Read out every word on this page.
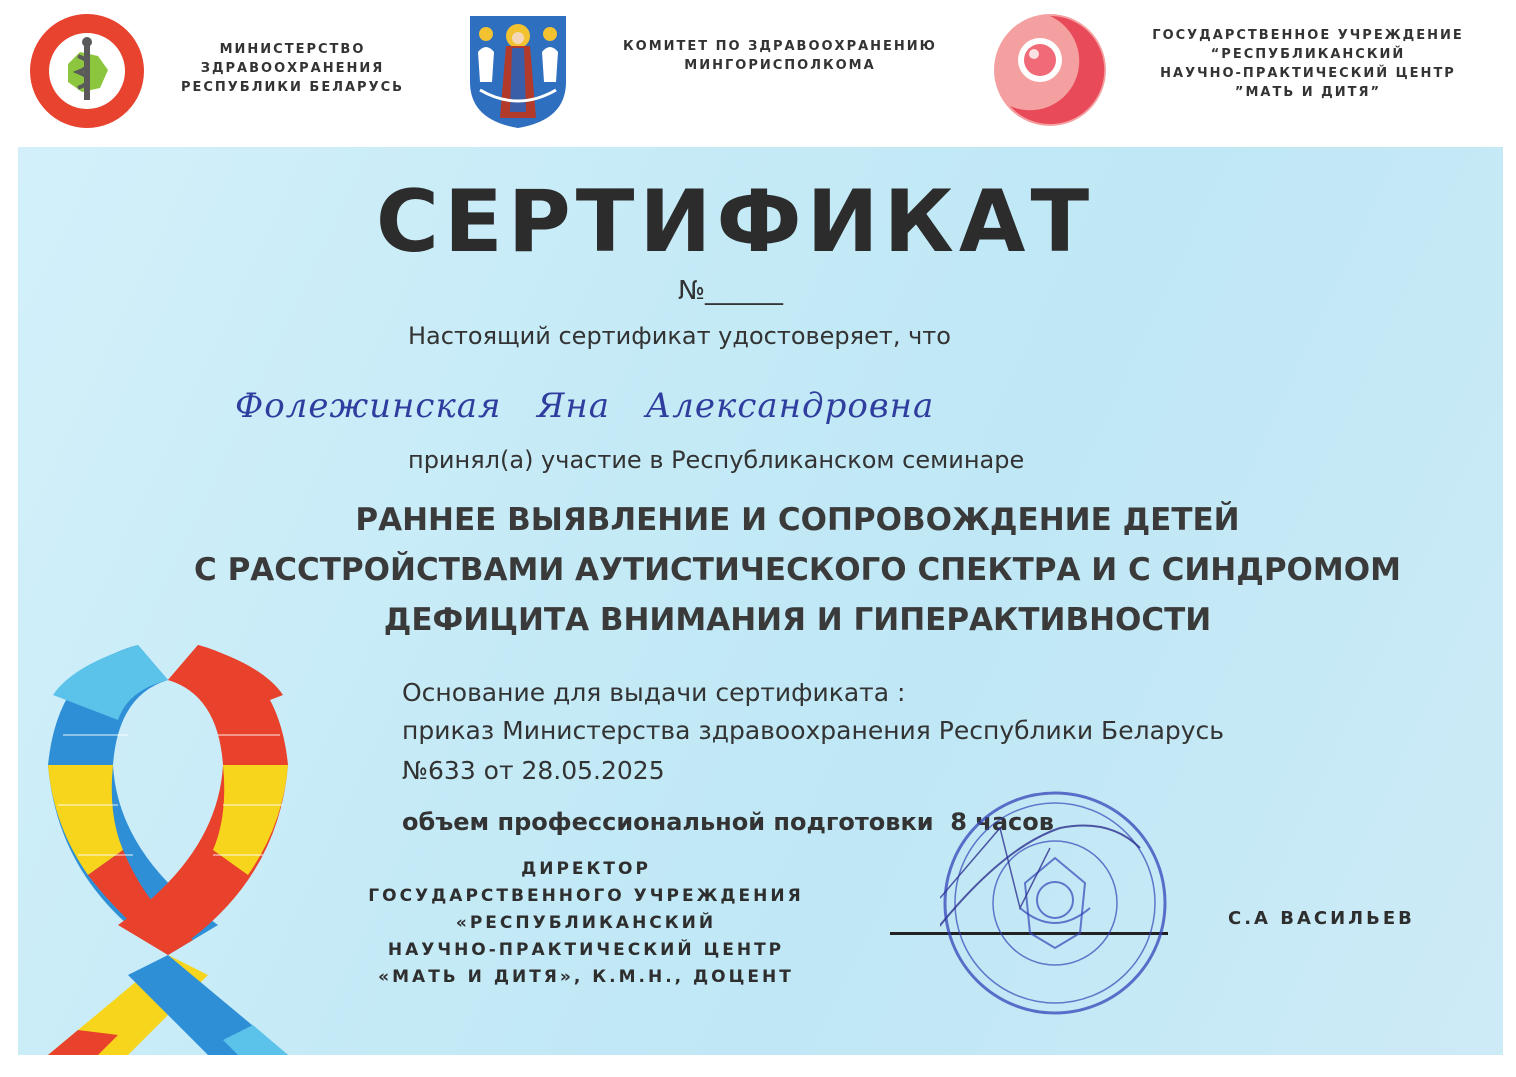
МИНИСТЕРСТВО
ЗДРАВООХРАНЕНИЯ
РЕСПУБЛИКИ БЕЛАРУСЬ
КОМИТЕТ ПО ЗДРАВООХРАНЕНИЮ
МИНГОРИСПОЛКОМА
ГОСУДАРСТВЕННОЕ УЧРЕЖДЕНИЕ
“РЕСПУБЛИКАНСКИЙ
НАУЧНО-ПРАКТИЧЕСКИЙ ЦЕНТР
”МАТЬ И ДИТЯ”
СЕРТИФИКАТ
№______
Настоящий сертификат удостоверяет, что
Фолежинская   Яна   Александровна
принял(а) участие в Республиканском семинаре
РАННЕЕ ВЫЯВЛЕНИЕ И СОПРОВОЖДЕНИЕ ДЕТЕЙ
С РАССТРОЙСТВАМИ АУТИСТИЧЕСКОГО СПЕКТРА И С СИНДРОМОМ
ДЕФИЦИТА ВНИМАНИЯ И ГИПЕРАКТИВНОСТИ
Основание для выдачи сертификата :
приказ Министерства здравоохранения Республики Беларусь
№633 от 28.05.2025
объем профессиональной подготовки  8 часов
ДИРЕКТОР
ГОСУДАРСТВЕННОГО УЧРЕЖДЕНИЯ
«РЕСПУБЛИКАНСКИЙ
НАУЧНО-ПРАКТИЧЕСКИЙ ЦЕНТР
«МАТЬ И ДИТЯ», К.М.Н., ДОЦЕНТ
С.А ВАСИЛЬЕВ
